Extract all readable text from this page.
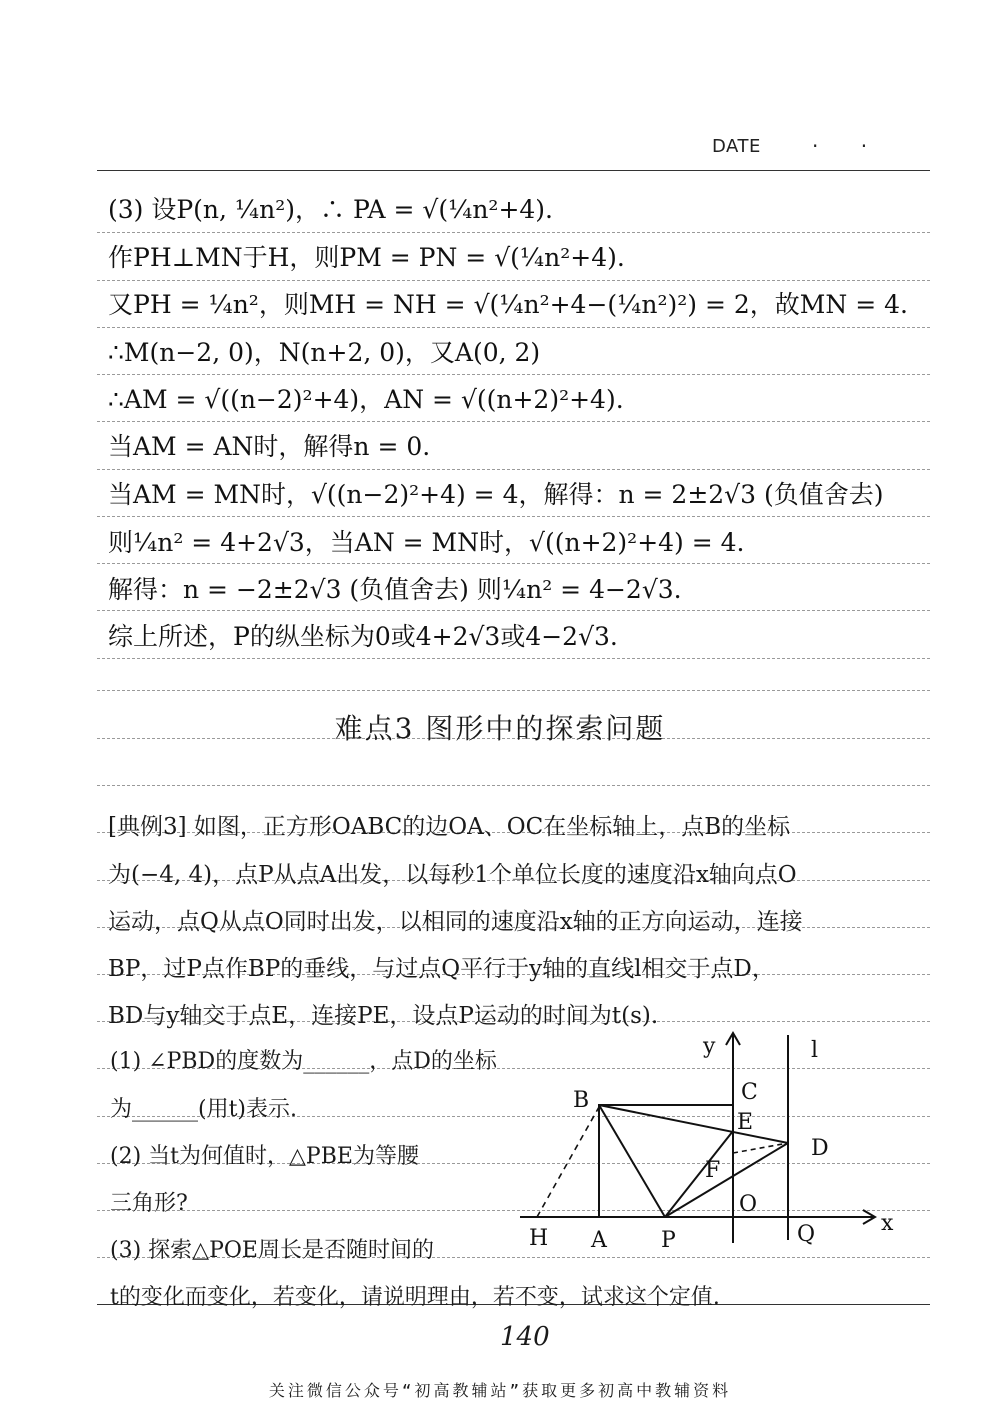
DATE	· ·
(3) 设P(n, ¼n²)，∴ PA = √(¼n²+4).
作PH⊥MN于H，则PM = PN = √(¼n²+4).
又PH = ¼n²，则MH = NH = √(¼n²+4−(¼n²)²) = 2，故MN = 4.
∴M(n−2, 0)，N(n+2, 0)，又A(0, 2)
∴AM = √((n−2)²+4)，AN = √((n+2)²+4).
当AM = AN时，解得n = 0.
当AM = MN时，√((n−2)²+4) = 4，解得：n = 2±2√3 (负值舍去)
则¼n² = 4+2√3，当AN = MN时，√((n+2)²+4) = 4.
解得：n = −2±2√3 (负值舍去) 则¼n² = 4−2√3.
综上所述，P的纵坐标为0或4+2√3或4−2√3.
难点3 图形中的探索问题
[典例3] 如图，正方形OABC的边OA、OC在坐标轴上，点B的坐标
为(−4, 4)，点P从点A出发，以每秒1个单位长度的速度沿x轴向点O
运动，点Q从点O同时出发，以相同的速度沿x轴的正方向运动，连接
BP，过P点作BP的垂线，与过点Q平行于y轴的直线l相交于点D，
BD与y轴交于点E，连接PE，设点P运动的时间为t(s).
(1) ∠PBD的度数为______，点D的坐标
为______(用t)表示.
(2) 当t为何值时，△PBE为等腰
三角形?
(3) 探索△POE周长是否随时间的
t的变化而变化，若变化，请说明理由，若不变，试求这个定值.
y	l
B	C
E
D
F
O
H A P	Q	x
140
关注微信公众号“初高教辅站”获取更多初高中教辅资料
